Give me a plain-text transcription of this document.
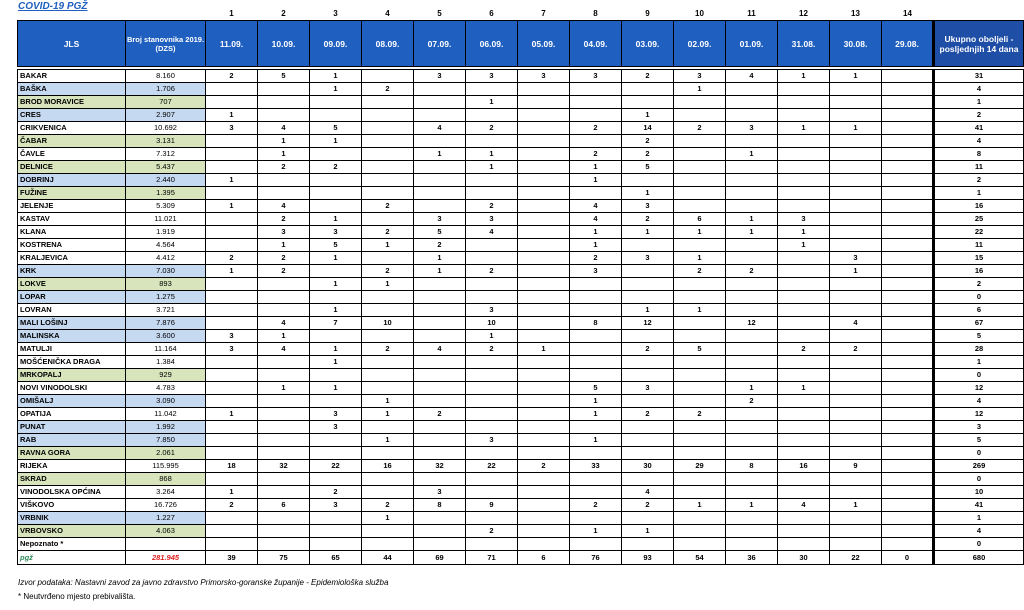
COVID-19 PGŽ
		1	2	3	4	5	6	7	8	9	10	11	12	13	14	
JLS	Broj stanovnika 2019. (DZS)	11.09.	10.09.	09.09.	08.09.	07.09.	06.09.	05.09.	04.09.	03.09.	02.09.	01.09.	31.08.	30.08.	29.08.	Ukupno oboljeli - posljednjih 14 dana

BAKAR	8.160	2	5	1		3	3	3	3	2	3	4	1	1		31
BAŠKA	1.706			1	2						1					4
BROD MORAVICE	707						1									1
CRES	2.907	1								1						2
CRIKVENICA	10.692	3	4	5		4	2		2	14	2	3	1	1		41
ČABAR	3.131		1	1						2						4
ČAVLE	7.312		1			1	1		2	2		1				8
DELNICE	5.437		2	2			1		1	5						11
DOBRINJ	2.440	1							1							2
FUŽINE	1.395									1						1
JELENJE	5.309	1	4		2		2		4	3						16
KASTAV	11.021		2	1		3	3		4	2	6	1	3			25
KLANA	1.919		3	3	2	5	4		1	1	1	1	1			22
KOSTRENA	4.564		1	5	1	2			1				1			11
KRALJEVICA	4.412	2	2	1		1			2	3	1			3		15
KRK	7.030	1	2		2	1	2		3		2	2		1		16
LOKVE	893			1	1											2
LOPAR	1.275															0
LOVRAN	3.721			1			3			1	1					6
MALI LOŠINJ	7.876		4	7	10		10		8	12		12		4		67
MALINSKA	3.600	3	1				1									5
MATULJI	11.164	3	4	1	2	4	2	1		2	5		2	2		28
MOŠĆENIČKA DRAGA	1.384			1												1
MRKOPALJ	929															0
NOVI VINODOLSKI	4.783		1	1					5	3		1	1			12
OMIŠALJ	3.090				1				1			2				4
OPATIJA	11.042	1		3	1	2			1	2	2					12
PUNAT	1.992			3												3
RAB	7.850				1		3		1							5
RAVNA GORA	2.061															0
RIJEKA	115.995	18	32	22	16	32	22	2	33	30	29	8	16	9		269
SKRAD	868															0
VINODOLSKA OPĆINA	3.264	1		2		3				4						10
VIŠKOVO	16.726	2	6	3	2	8	9		2	2	1	1	4	1		41
VRBNIK	1.227				1											1
VRBOVSKO	4.063						2		1	1						4
Nepoznato *																0
pgž	281.945	39	75	65	44	69	71	6	76	93	54	36	30	22	0	680
Izvor podataka: Nastavni zavod za javno zdravstvo Primorsko-goranske županije - Epidemiološka služba
* Neutvrđeno mjesto prebivališta.
